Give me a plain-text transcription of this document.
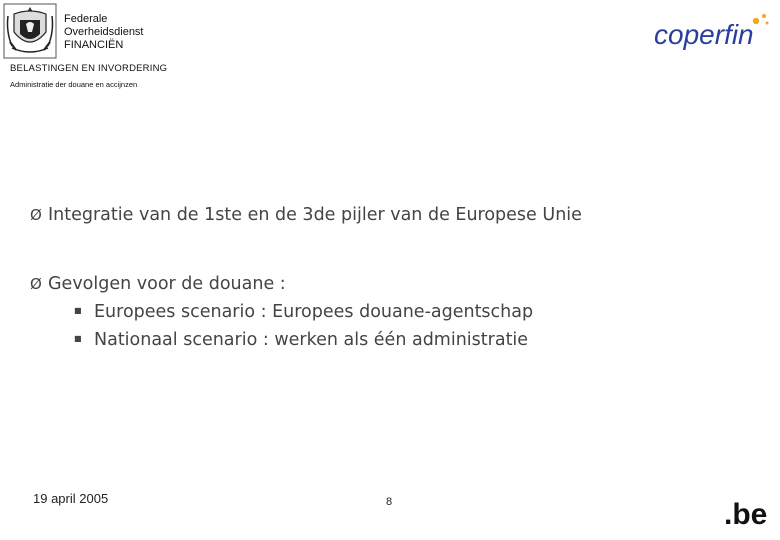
Federale
Overheidsdienst
FINANCIËN
BELASTINGEN EN INVORDERING
Administratie der douane en accijnzen
coperfin
Ø Integratie van de 1ste en de 3de pijler van de Europese Unie
Ø Gevolgen voor de douane :
■ Europees scenario : Europees douane-agentschap
■ Nationaal scenario : werken als één administratie
19 april 2005	8	.be
